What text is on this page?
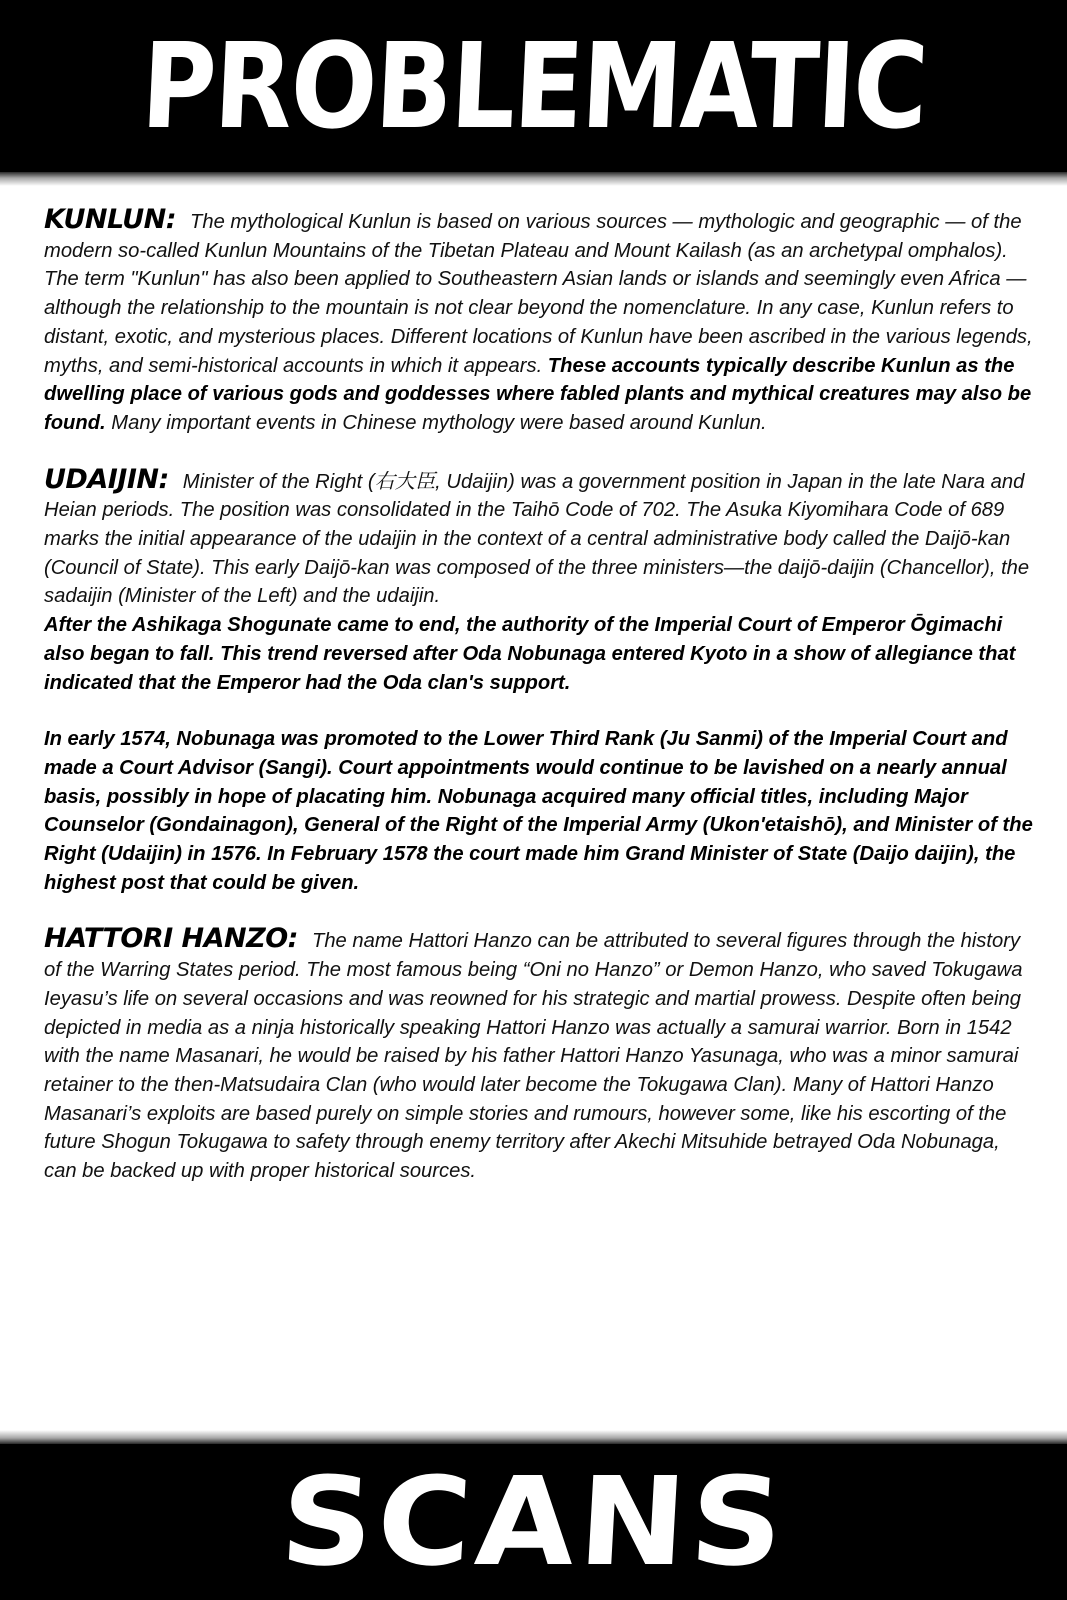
PROBLEMATIC

KUNLUN: The mythological Kunlun is based on various sources — mythologic and geographic — of the modern so-called Kunlun Mountains of the Tibetan Plateau and Mount Kailash (as an archetypal omphalos). The term "Kunlun" has also been applied to Southeastern Asian lands or islands and seemingly even Africa — although the relationship to the mountain is not clear beyond the nomenclature. In any case, Kunlun refers to distant, exotic, and mysterious places. Different locations of Kunlun have been ascribed in the various legends, myths, and semi-historical accounts in which it appears. These accounts typically describe Kunlun as the dwelling place of various gods and goddesses where fabled plants and mythical creatures may also be found. Many important events in Chinese mythology were based around Kunlun.

UDAIJIN: Minister of the Right (右大臣, Udaijin) was a government position in Japan in the late Nara and Heian periods. The position was consolidated in the Taihō Code of 702. The Asuka Kiyomihara Code of 689 marks the initial appearance of the udaijin in the context of a central administrative body called the Daijō-kan (Council of State). This early Daijō-kan was composed of the three ministers—the daijō-daijin (Chancellor), the sadaijin (Minister of the Left) and the udaijin.

After the Ashikaga Shogunate came to end, the authority of the Imperial Court of Emperor Ōgimachi also began to fall. This trend reversed after Oda Nobunaga entered Kyoto in a show of allegiance that indicated that the Emperor had the Oda clan's support.

In early 1574, Nobunaga was promoted to the Lower Third Rank (Ju Sanmi) of the Imperial Court and made a Court Advisor (Sangi). Court appointments would continue to be lavished on a nearly annual basis, possibly in hope of placating him. Nobunaga acquired many official titles, including Major Counselor (Gondainagon), General of the Right of the Imperial Army (Ukon'etaishō), and Minister of the Right (Udaijin) in 1576. In February 1578 the court made him Grand Minister of State (Daijo daijin), the highest post that could be given.

HATTORI HANZO: The name Hattori Hanzo can be attributed to several figures through the history of the Warring States period. The most famous being “Oni no Hanzo” or Demon Hanzo, who saved Tokugawa Ieyasu’s life on several occasions and was reowned for his strategic and martial prowess. Despite often being depicted in media as a ninja historically speaking Hattori Hanzo was actually a samurai warrior. Born in 1542 with the name Masanari, he would be raised by his father Hattori Hanzo Yasunaga, who was a minor samurai retainer to the then-Matsudaira Clan (who would later become the Tokugawa Clan). Many of Hattori Hanzo Masanari’s exploits are based purely on simple stories and rumours, however some, like his escorting of the future Shogun Tokugawa to safety through enemy territory after Akechi Mitsuhide betrayed Oda Nobunaga, can be backed up with proper historical sources.

SCANS
